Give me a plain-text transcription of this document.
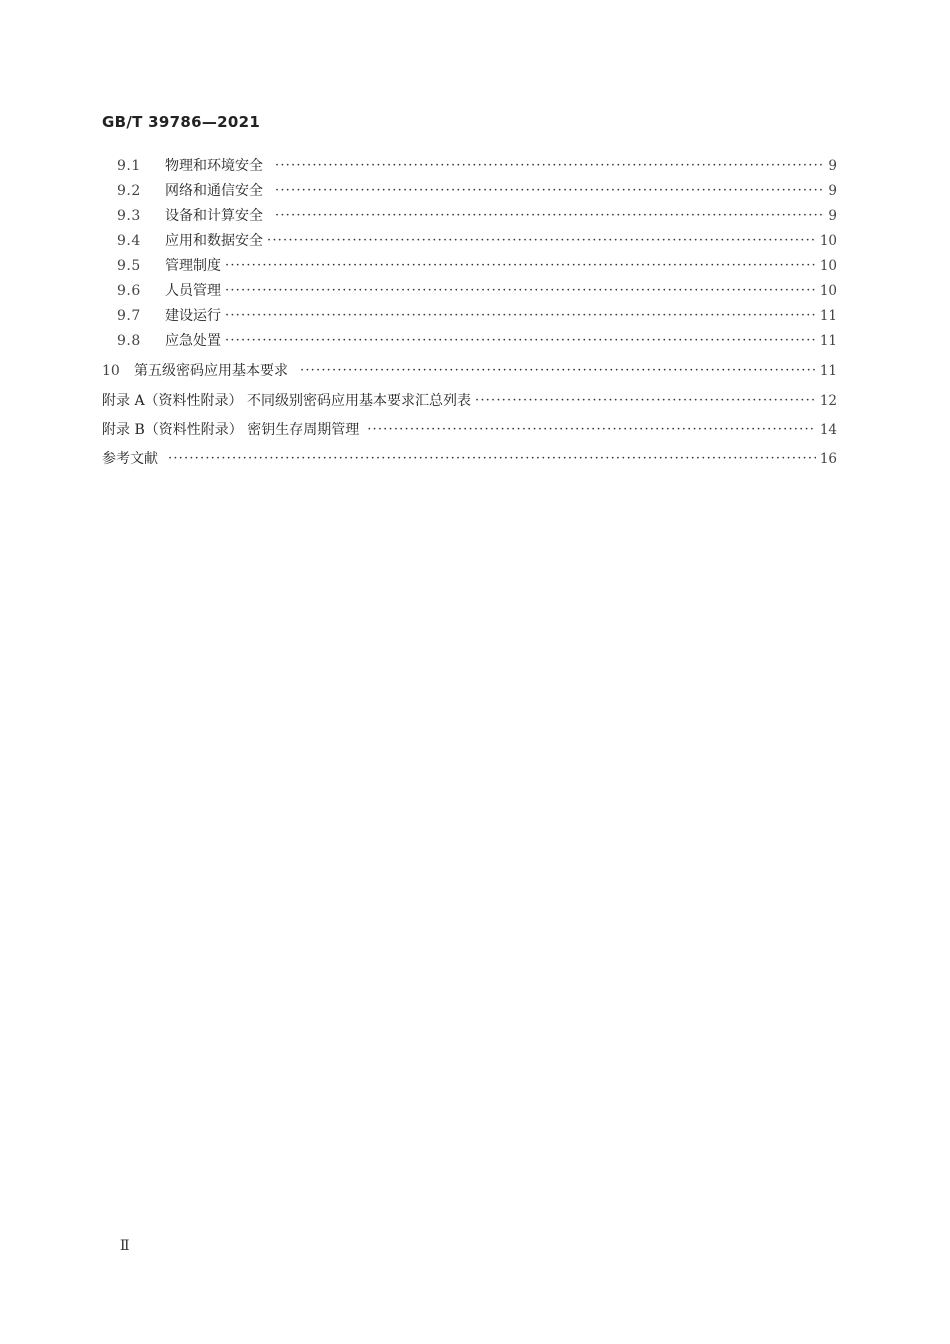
GB/T 39786—2021
9.1	物理和环境安全 ·····	9
9.2	网络和通信安全 ·····	9
9.3	设备和计算安全 ·····	9
9.4	应用和数据安全 ·····	10
9.5	管理制度 ·····	10
9.6	人员管理 ·····	10
9.7	建设运行 ·····	11
9.8	应急处置 ·····	11
10	第五级密码应用基本要求 ·····	11
附录 A（资料性附录） 不同级别密码应用基本要求汇总列表 ·····	12
附录 B（资料性附录） 密钥生存周期管理 ·····	14
参考文献 ·····	16
Ⅱ
